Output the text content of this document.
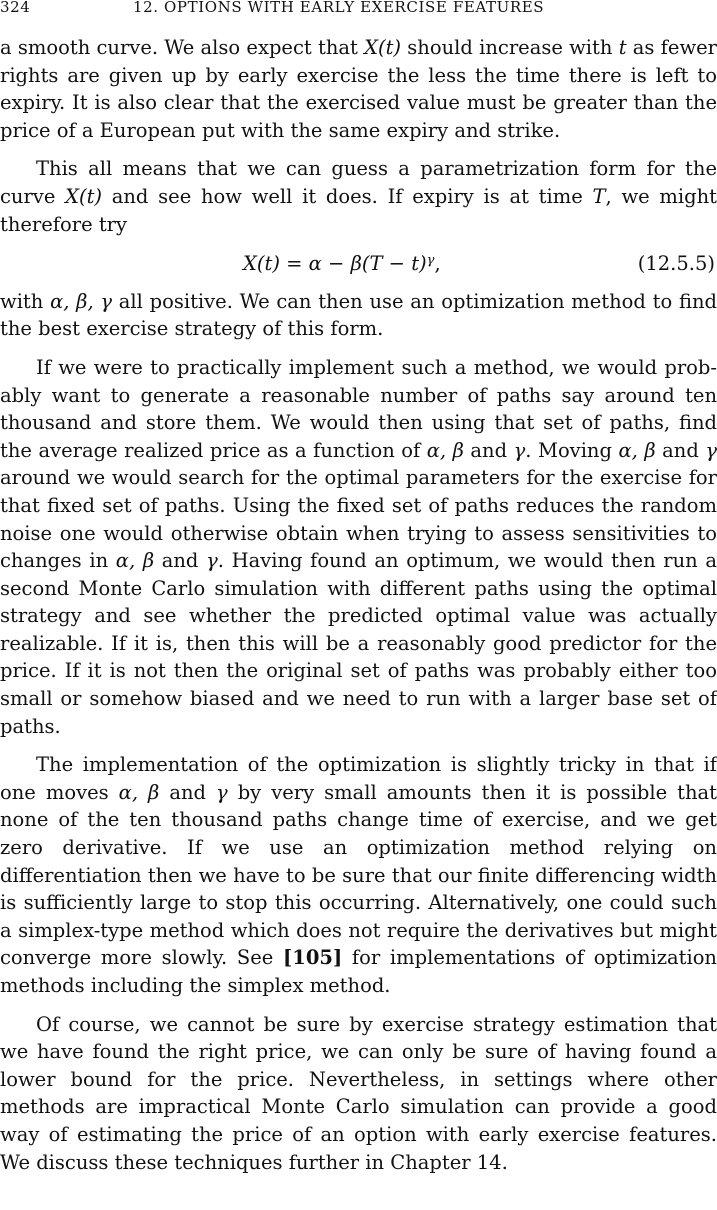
324	12. OPTIONS WITH EARLY EXERCISE FEATURES

a smooth curve. We also expect that X(t) should increase with t as fewer rights are given up by early exercise the less the time there is left to expiry. It is also clear that the exercised value must be greater than the price of a European put with the same expiry and strike.

This all means that we can guess a parametrization form for the curve X(t) and see how well it does. If expiry is at time T, we might therefore try

$X(t) = \alpha - \beta(T - t)^\gamma$,	(12.5.5)

with α, β, γ all positive. We can then use an optimization method to find the best exercise strategy of this form.

If we were to practically implement such a method, we would probably want to generate a reasonable number of paths say around ten thousand and store them. We would then using that set of paths, find the average realized price as a function of α, β and γ. Moving α, β and γ around we would search for the optimal parameters for the exercise for that fixed set of paths. Using the fixed set of paths reduces the random noise one would otherwise obtain when trying to assess sensitivities to changes in α, β and γ. Having found an optimum, we would then run a second Monte Carlo simulation with different paths using the optimal strategy and see whether the predicted optimal value was actually realizable. If it is, then this will be a reasonably good predictor for the price. If it is not then the original set of paths was probably either too small or somehow biased and we need to run with a larger base set of paths.

The implementation of the optimization is slightly tricky in that if one moves α, β and γ by very small amounts then it is possible that none of the ten thousand paths change time of exercise, and we get zero derivative. If we use an optimization method relying on differentiation then we have to be sure that our finite differencing width is sufficiently large to stop this occurring. Alternatively, one could such a simplex-type method which does not require the derivatives but might converge more slowly. See [105] for implementations of optimization methods including the simplex method.

Of course, we cannot be sure by exercise strategy estimation that we have found the right price, we can only be sure of having found a lower bound for the price. Nevertheless, in settings where other methods are impractical Monte Carlo simulation can provide a good way of estimating the price of an option with early exercise features. We discuss these techniques further in Chapter 14.
